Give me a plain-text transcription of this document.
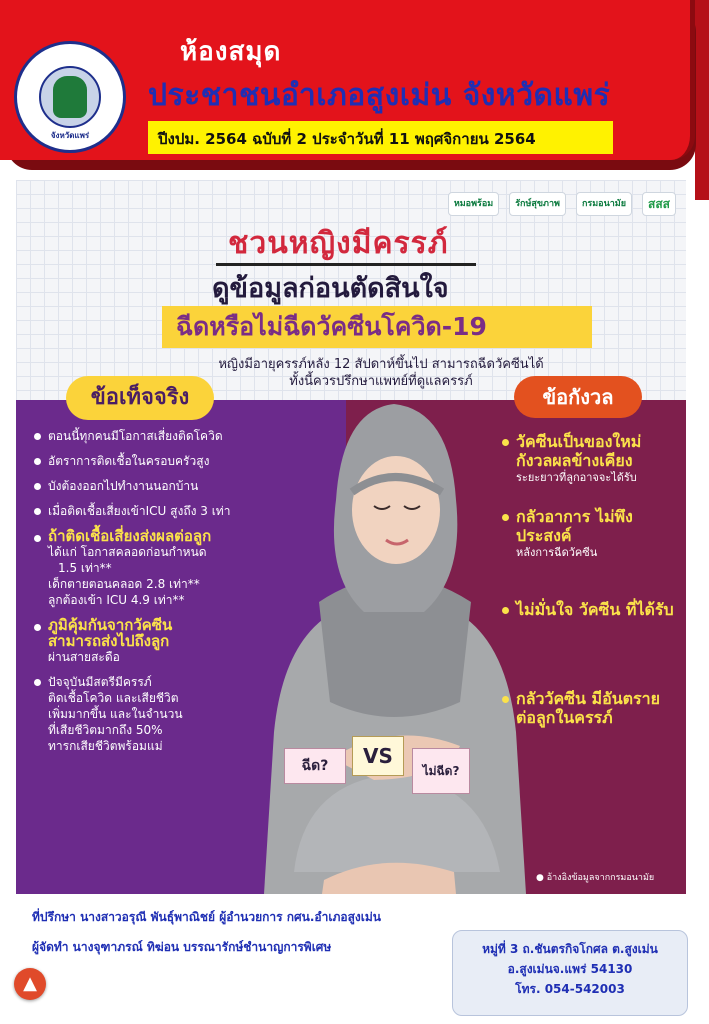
จังหวัดแพร่
ห้องสมุด
ประชาชนอำเภอสูงเม่น จังหวัดแพร่
ปีงปม. 2564 ฉบับที่ 2 ประจำวันที่ 11 พฤศจิกายน 2564
หมอพร้อม	รักษ์สุขภาพ	กรมอนามัย	สสส
ชวนหญิงมีครรภ์
ดูข้อมูลก่อนตัดสินใจ
ฉีดหรือไม่ฉีดวัคซีนโควิด-19
หญิงมีอายุครรภ์หลัง 12 สัปดาห์ขึ้นไป สามารถฉีดวัคซีนได้
ทั้งนี้ควรปรึกษาแพทย์ที่ดูแลครรภ์
ข้อเท็จจริง	ข้อกังวล
ตอนนี้ทุกคนมีโอกาสเสี่ยงติดโควิด
อัตราการติดเชื้อในครอบครัวสูง
บังต้องออกไปทำงานนอกบ้าน
เมื่อติดเชื้อเสี่ยงเข้าICU สูงถึง 3 เท่า
ถ้าติดเชื้อเสี่ยงส่งผลต่อลูก
ได้แก่ โอกาสคลอดก่อนกำหนด
1.5 เท่า**
เด็กตายตอนคลอด 2.8 เท่า**
ลูกต้องเข้า ICU 4.9 เท่า**
ภูมิคุ้มกันจากวัคซีน
สามารถส่งไปถึงลูก
ผ่านสายสะดือ
ปัจจุบันมีสตรีมีครรภ์
ติดเชื้อโควิด และเสียชีวิต
เพิ่มมากขึ้น และในจำนวน
ที่เสียชีวิตมากถึง 50%
ทารกเสียชีวิตพร้อมแม่
วัคซีนเป็นของใหม่ กังวลผลข้างเคียง
ระยะยาวที่ลูกอาจจะได้รับ
กลัวอาการ ไม่พึงประสงค์
หลังการฉีดวัคซีน
ไม่มั่นใจ วัคซีน ที่ได้รับ
กลัววัคซีน มีอันตราย ต่อลูกในครรภ์
ฉีด?	VS
ไม่ฉีด?
● อ้างอิงข้อมูลจากกรมอนามัย
ที่ปรึกษา นางสาวอรุณี พันธุ์พาณิชย์ ผู้อำนวยการ กศน.อำเภอสูงเม่น
ผู้จัดทำ นางจุฑาภรณ์ ทิฆ่อน บรรณารักษ์ชำนาญการพิเศษ	หมู่ที่ 3 ถ.ชันตรกิจโกศล ต.สูงเม่น
อ.สูงเม่นจ.แพร่ 54130
โทร. 054-542003
▲
